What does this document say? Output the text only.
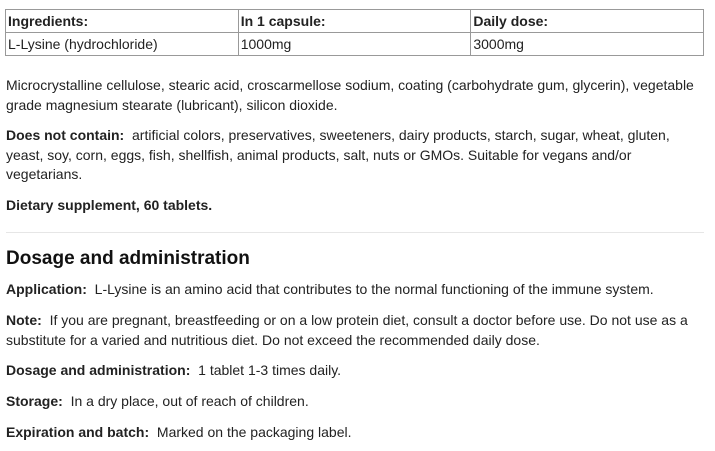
Ingredients:	In 1 capsule:	Daily dose:
L-Lysine (hydrochloride)	1000mg	3000mg

Microcrystalline cellulose, stearic acid, croscarmellose sodium, coating (carbohydrate gum, glycerin), vegetable grade magnesium stearate (lubricant), silicon dioxide.

Does not contain: artificial colors, preservatives, sweeteners, dairy products, starch, sugar, wheat, gluten, yeast, soy, corn, eggs, fish, shellfish, animal products, salt, nuts or GMOs. Suitable for vegans and/or vegetarians.

Dietary supplement, 60 tablets.

Dosage and administration

Application: L-Lysine is an amino acid that contributes to the normal functioning of the immune system.

Note: If you are pregnant, breastfeeding or on a low protein diet, consult a doctor before use. Do not use as a substitute for a varied and nutritious diet. Do not exceed the recommended daily dose.

Dosage and administration: 1 tablet 1-3 times daily.

Storage: In a dry place, out of reach of children.

Expiration and batch: Marked on the packaging label.
